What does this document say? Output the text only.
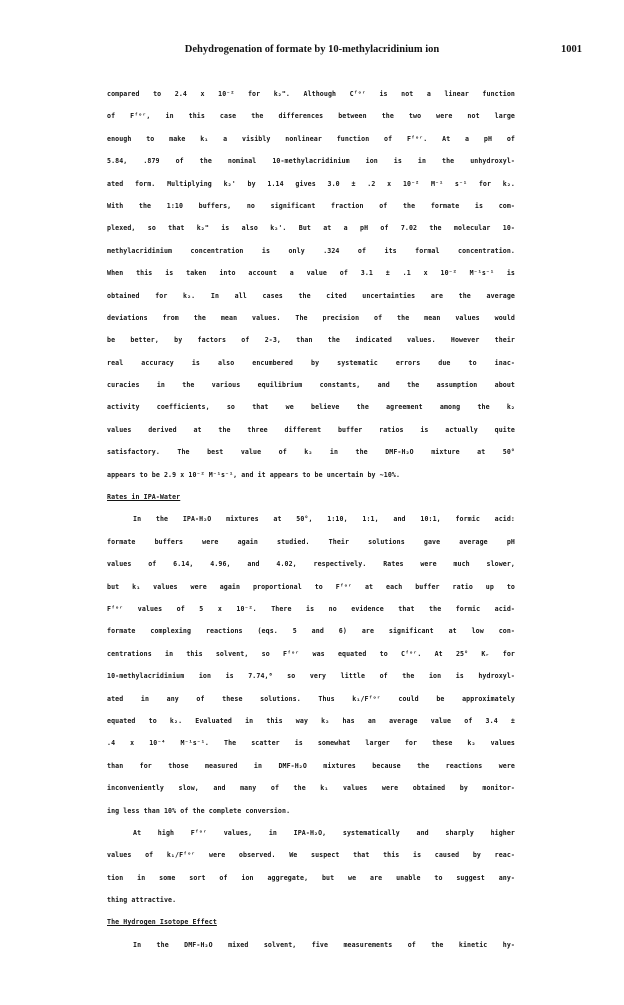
Dehydrogenation of formate by 10-methylacridinium ion	1001
compared to 2.4 x 10⁻² for k₂". Although Cᶠᵒʳ is not a linear function
of Fᶠᵒʳ, in this case the differences between the two were not large
enough to make k₁ a visibly nonlinear function of Fᶠᵒʳ. At a pH of
5.84, .879 of the nominal 10-methylacridinium ion is in the unhydroxyl-
ated form. Multiplying k₂' by 1.14 gives 3.0 ± .2 x 10⁻² M⁻¹ s⁻¹ for k₂.
With the 1:10 buffers, no significant fraction of the formate is com-
plexed, so that k₂" is also k₂'. But at a pH of 7.02 the molecular 10-
methylacridinium concentration is only .324 of its formal concentration.
When this is taken into account a value of 3.1 ± .1 x 10⁻² M⁻¹s⁻¹ is
obtained for k₂. In all cases the cited uncertainties are the average
deviations from the mean values. The precision of the mean values would
be better, by factors of 2-3, than the indicated values. However their
real accuracy is also encumbered by systematic errors due to inac-
curacies in the various equilibrium constants, and the assumption about
activity coefficients, so that we believe the agreement among the k₂
values derived at the three different buffer ratios is actually quite
satisfactory. The best value of k₂ in the DMF-H₂O mixture at 50°
appears to be 2.9 x 10⁻² M⁻¹s⁻¹, and it appears to be uncertain by ~10%.
Rates in IPA-Water
In the IPA-H₂O mixtures at 50°, 1:10, 1:1, and 10:1, formic acid:
formate buffers were again studied. Their solutions gave average pH
values of 6.14, 4.96, and 4.02, respectively. Rates were much slower,
but k₁ values were again proportional to Fᶠᵒʳ at each buffer ratio up to
Fᶠᵒʳ values of 5 x 10⁻². There is no evidence that the formic acid-
formate complexing reactions (eqs. 5 and 6) are significant at low con-
centrations in this solvent, so Fᶠᵒʳ was equated to Cᶠᵒʳ. At 25° Kᵣ for
10-methylacridinium ion is 7.74,⁶ so very little of the ion is hydroxyl-
ated in any of these solutions. Thus k₁/Fᶠᵒʳ could be approximately
equated to k₂. Evaluated in this way k₂ has an average value of 3.4 ±
.4 x 10⁻⁴ M⁻¹s⁻¹. The scatter is somewhat larger for these k₂ values
than for those measured in DMF-H₂O mixtures because the reactions were
inconveniently slow, and many of the k₁ values were obtained by monitor-
ing less than 10% of the complete conversion.
At high Fᶠᵒʳ values, in IPA-H₂O, systematically and sharply higher
values of k₁/Fᶠᵒʳ were observed. We suspect that this is caused by reac-
tion in some sort of ion aggregate, but we are unable to suggest any-
thing attractive.
The Hydrogen Isotope Effect
In the DMF-H₂O mixed solvent, five measurements of the kinetic hy-
